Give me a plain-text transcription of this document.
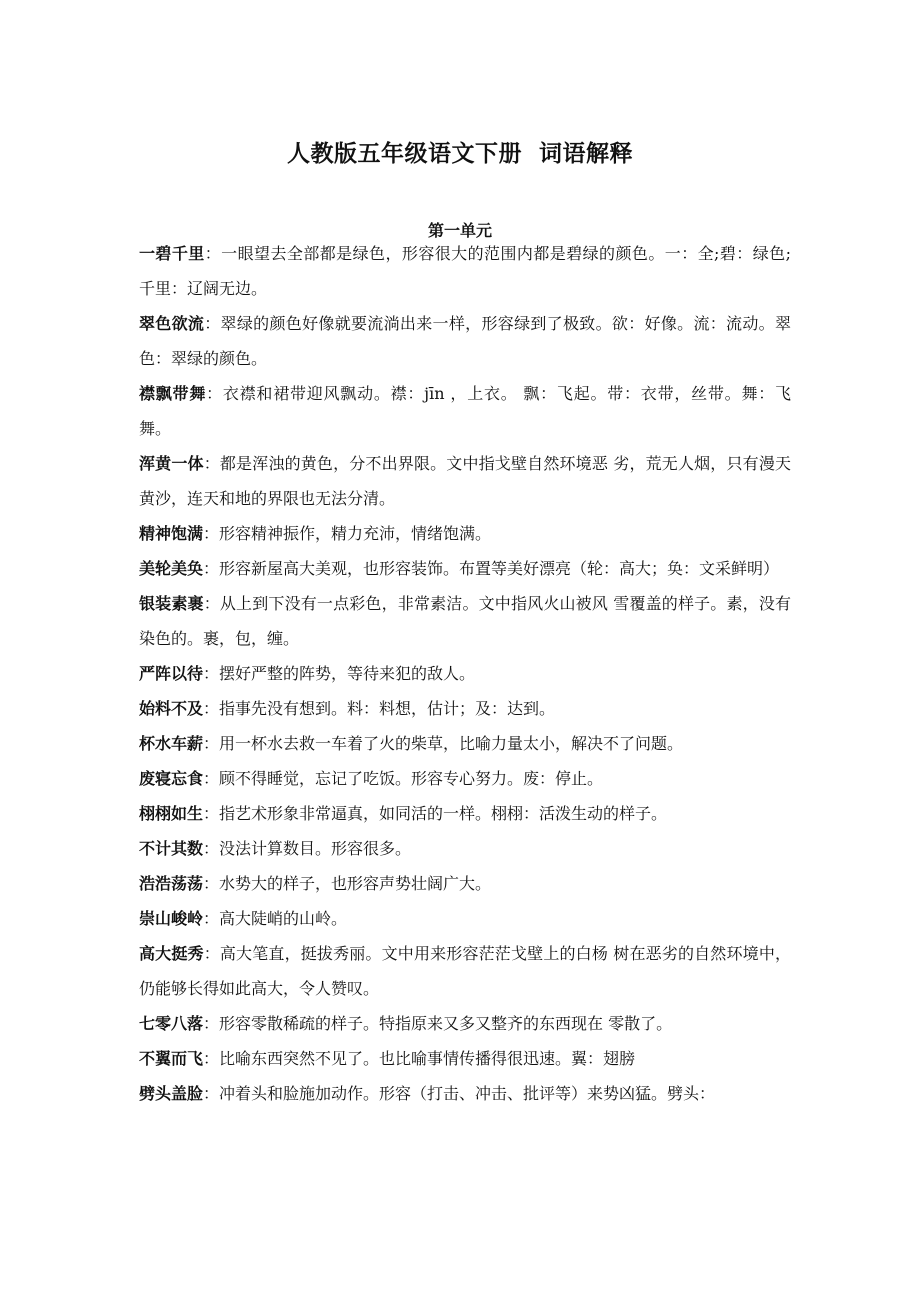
人教版五年级语文下册  词语解释
第一单元

一碧千里：一眼望去全部都是绿色，形容很大的范围内都是碧绿的颜色。一：全;碧：绿色; 千里：辽阔无边。

翠色欲流：翠绿的颜色好像就要流淌出来一样，形容绿到了极致。欲：好像。流：流动。翠色：翠绿的颜色。

襟飘带舞：衣襟和裙带迎风飘动。襟：jīn ，上衣。 飘：飞起。带：衣带，丝带。舞：飞舞。

浑黄一体：都是浑浊的黄色，分不出界限。文中指戈壁自然环境恶 劣，荒无人烟，只有漫天黄沙，连天和地的界限也无法分清。

精神饱满：形容精神振作，精力充沛，情绪饱满。

美轮美奂：形容新屋高大美观，也形容装饰。布置等美好漂亮（轮：高大；奂：文采鲜明）

银装素裹：从上到下没有一点彩色，非常素洁。文中指风火山被风 雪覆盖的样子。素，没有染色的。裹，包，缠。

严阵以待：摆好严整的阵势，等待来犯的敌人。

始料不及：指事先没有想到。料：料想，估计；及：达到。

杯水车薪：用一杯水去救一车着了火的柴草，比喻力量太小，解决不了问题。

废寝忘食：顾不得睡觉，忘记了吃饭。形容专心努力。废：停止。

栩栩如生：指艺术形象非常逼真，如同活的一样。栩栩：活泼生动的样子。

不计其数：没法计算数目。形容很多。

浩浩荡荡：水势大的样子，也形容声势壮阔广大。

崇山峻岭：高大陡峭的山岭。

高大挺秀：高大笔直，挺拔秀丽。文中用来形容茫茫戈壁上的白杨 树在恶劣的自然环境中，仍能够长得如此高大，令人赞叹。

七零八落：形容零散稀疏的样子。特指原来又多又整齐的东西现在 零散了。

不翼而飞：比喻东西突然不见了。也比喻事情传播得很迅速。翼：翅膀

劈头盖脸：冲着头和脸施加动作。形容（打击、冲击、批评等）来势凶猛。劈头：
